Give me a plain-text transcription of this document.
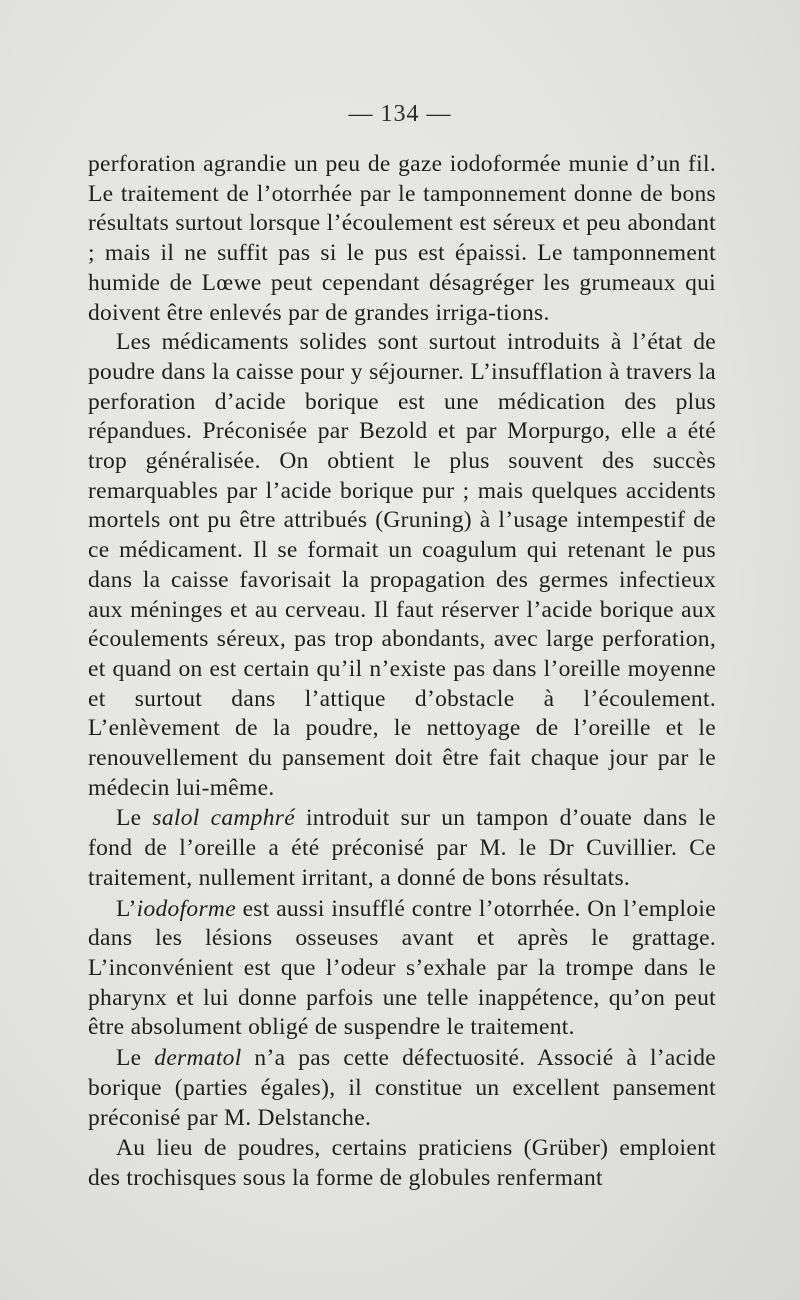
— 134 —

perforation agrandie un peu de gaze iodoformée munie d’un fil. Le traitement de l’otorrhée par le tamponnement donne de bons résultats surtout lorsque l’écoulement est séreux et peu abondant ; mais il ne suffit pas si le pus est épaissi. Le tamponnement humide de Lœwe peut cependant désagréger les grumeaux qui doivent être enlevés par de grandes irriga-tions.

Les médicaments solides sont surtout introduits à l’état de poudre dans la caisse pour y séjourner. L’insufflation à travers la perforation d’acide borique est une médication des plus répandues. Préconisée par Bezold et par Morpurgo, elle a été trop généralisée. On obtient le plus souvent des succès remarquables par l’acide borique pur ; mais quelques accidents mortels ont pu être attribués (Gruning) à l’usage intempestif de ce médicament. Il se formait un coagulum qui retenant le pus dans la caisse favorisait la propagation des germes infectieux aux méninges et au cerveau. Il faut réserver l’acide borique aux écoulements séreux, pas trop abondants, avec large perforation, et quand on est certain qu’il n’existe pas dans l’oreille moyenne et surtout dans l’attique d’obstacle à l’écoulement. L’enlèvement de la poudre, le nettoyage de l’oreille et le renouvellement du pansement doit être fait chaque jour par le médecin lui-même.

Le salol camphré introduit sur un tampon d’ouate dans le fond de l’oreille a été préconisé par M. le Dr Cuvillier. Ce traitement, nullement irritant, a donné de bons résultats.

L’iodoforme est aussi insufflé contre l’otorrhée. On l’emploie dans les lésions osseuses avant et après le grattage. L’inconvénient est que l’odeur s’exhale par la trompe dans le pharynx et lui donne parfois une telle inappétence, qu’on peut être absolument obligé de suspendre le traitement.

Le dermatol n’a pas cette défectuosité. Associé à l’acide borique (parties égales), il constitue un excellent pansement préconisé par M. Delstanche.

Au lieu de poudres, certains praticiens (Grüber) emploient des trochisques sous la forme de globules renfermant
